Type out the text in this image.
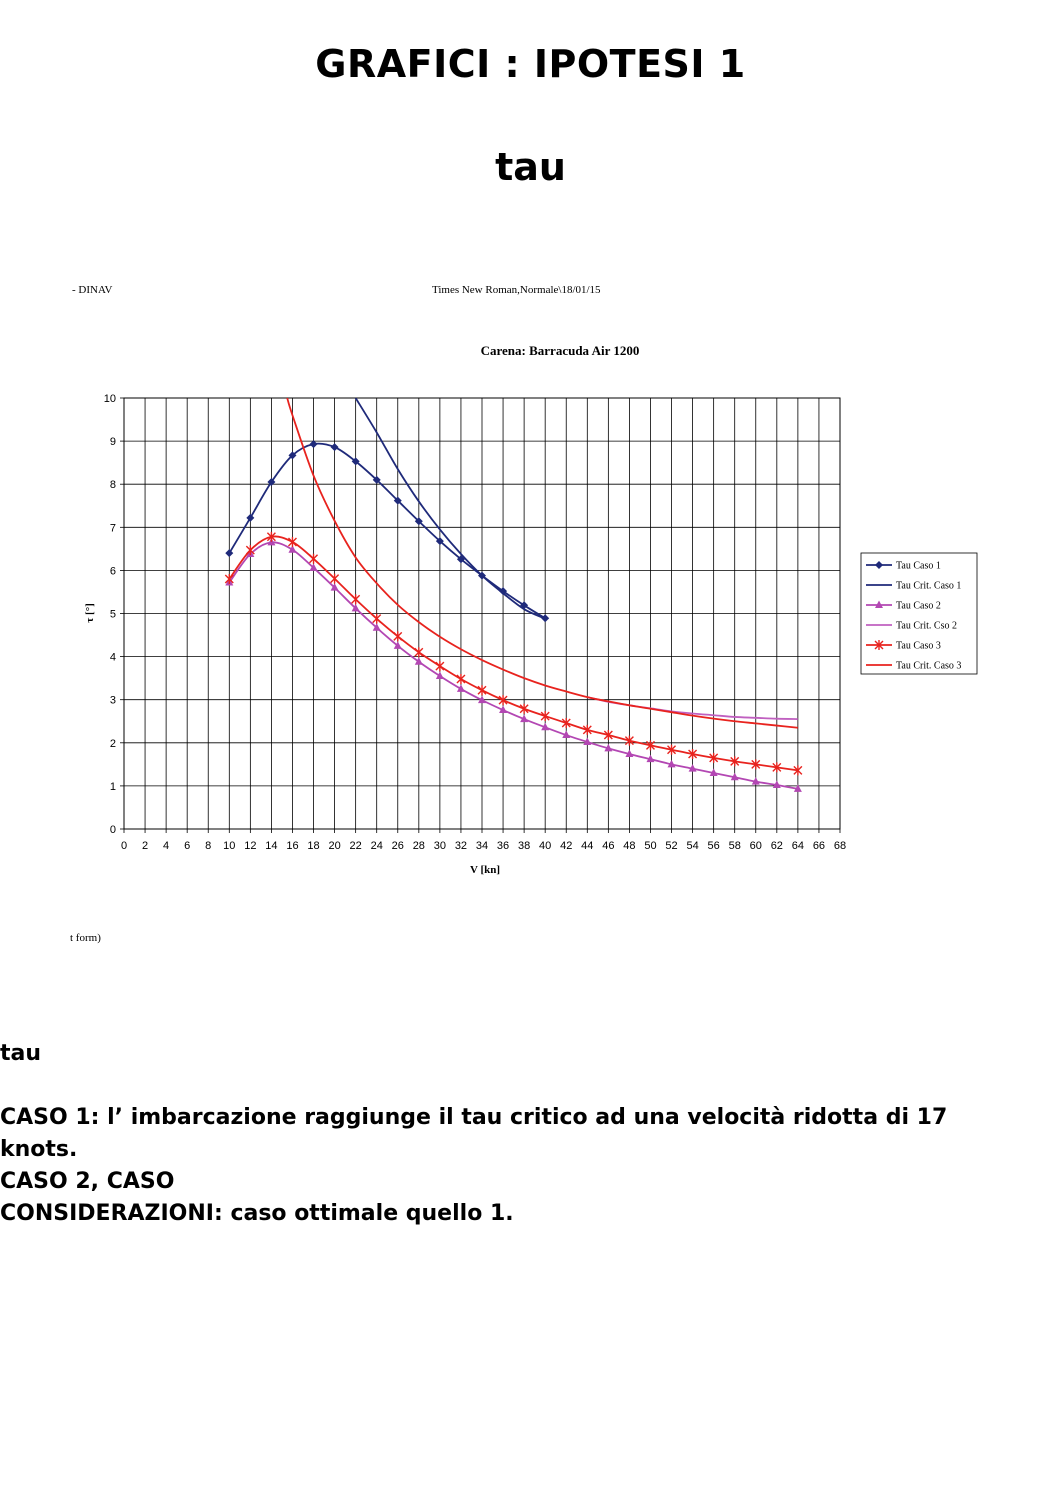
GRAFICI : IPOTESI 1
tau
- DINAV	Times New Roman,Normale\18/01/15
Carena: Barracuda Air 1200
0 2 4 6 8 10 12 14 16 18 20 22 24 26 28 30 32 34 36 38 40 42 44 46 48 50 52 54 56 58 60 62 64 66 68
0
1
2
3
4
5
6
7
8
9
10
V [kn]
τ [°]
Tau Caso 1
Tau Crit. Caso 1
Tau Caso 2
Tau Crit. Cso 2
Tau Caso 3
Tau Crit. Caso 3
t form)

tau

CASO 1: l’ imbarcazione raggiunge il tau critico ad una velocità ridotta di 17

knots.

CASO 2, CASO

CONSIDERAZIONI: caso ottimale quello 1.
